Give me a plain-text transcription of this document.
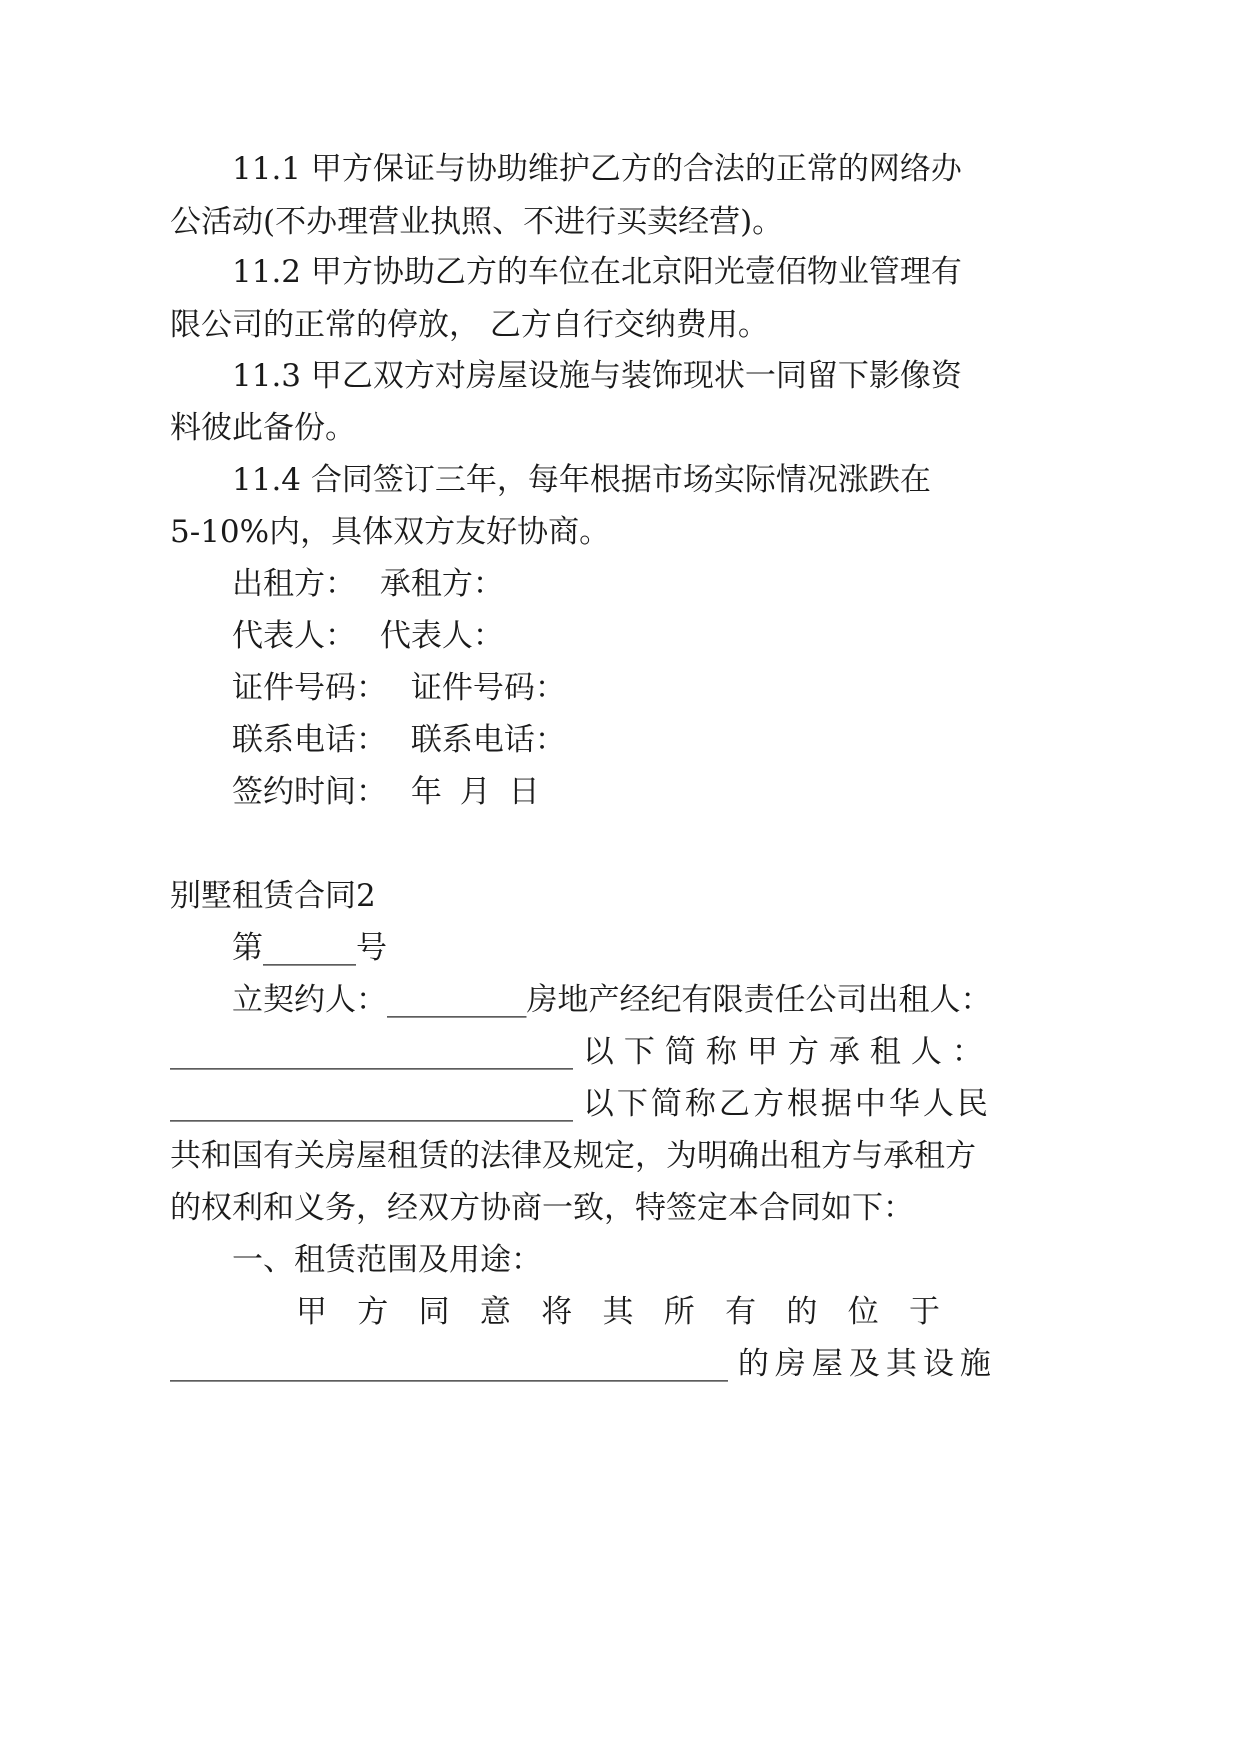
11.1 甲方保证与协助维护乙方的合法的正常的网络办
公活动(不办理营业执照、不进行买卖经营)。
11.2 甲方协助乙方的车位在北京阳光壹佰物业管理有
限公司的正常的停放， 乙方自行交纳费用。
11.3 甲乙双方对房屋设施与装饰现状一同留下影像资
料彼此备份。
11.4 合同签订三年，每年根据市场实际情况涨跌在
5-10%内，具体双方友好协商。
出租方： 承租方：
代表人： 代表人：
证件号码： 证件号码：
联系电话： 联系电话：
签约时间： 年 月 日
别墅租赁合同2
第______号
立契约人：_________房地产经纪有限责任公司出租人：
__________________________ 以下简称甲方承租人：
__________________________ 以下简称乙方根据中华人民
共和国有关房屋租赁的法律及规定，为明确出租方与承租方
的权利和义务，经双方协商一致，特签定本合同如下：
一、租赁范围及用途：
甲方同意将其所有的位于
____________________________________ 的房屋及其设施
